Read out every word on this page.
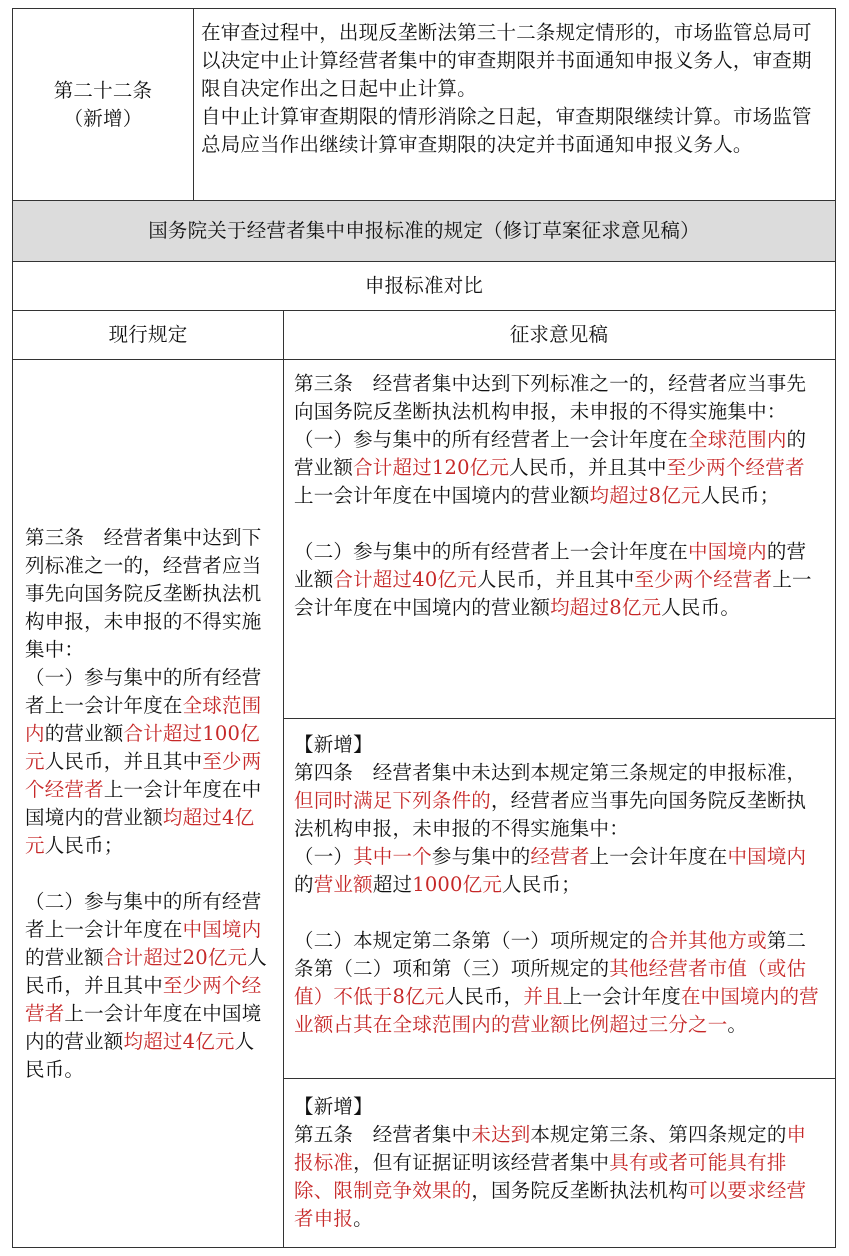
第二十二条
（新增）

在审查过程中，出现反垄断法第三十二条规定情形的，市场监管总局可以决定中止计算经营者集中的审查期限并书面通知申报义务人，审查期限自决定作出之日起中止计算。

自中止计算审查期限的情形消除之日起，审查期限继续计算。市场监管总局应当作出继续计算审查期限的决定并书面通知申报义务人。

国务院关于经营者集中申报标准的规定（修订草案征求意见稿）
申报标准对比
现行规定	征求意见稿

第三条　经营者集中达到下列标准之一的，经营者应当事先向国务院反垄断执法机构申报，未申报的不得实施集中：

（一）参与集中的所有经营者上一会计年度在全球范围内的营业额合计超过100亿元人民币，并且其中至少两个经营者上一会计年度在中国境内的营业额均超过4亿元人民币；

（二）参与集中的所有经营者上一会计年度在中国境内的营业额合计超过20亿元人民币，并且其中至少两个经营者上一会计年度在中国境内的营业额均超过4亿元人民币。

第三条　经营者集中达到下列标准之一的，经营者应当事先向国务院反垄断执法机构申报，未申报的不得实施集中：

（一）参与集中的所有经营者上一会计年度在全球范围内的营业额合计超过120亿元人民币，并且其中至少两个经营者上一会计年度在中国境内的营业额均超过8亿元人民币；

（二）参与集中的所有经营者上一会计年度在中国境内的营业额合计超过40亿元人民币，并且其中至少两个经营者上一会计年度在中国境内的营业额均超过8亿元人民币。

【新增】

第四条　经营者集中未达到本规定第三条规定的申报标准，但同时满足下列条件的，经营者应当事先向国务院反垄断执法机构申报，未申报的不得实施集中：

（一）其中一个参与集中的经营者上一会计年度在中国境内的营业额超过1000亿元人民币；

（二）本规定第二条第（一）项所规定的合并其他方或第二条第（二）项和第（三）项所规定的其他经营者市值（或估值）不低于8亿元人民币，并且上一会计年度在中国境内的营业额占其在全球范围内的营业额比例超过三分之一。

【新增】

第五条　经营者集中未达到本规定第三条、第四条规定的申报标准，但有证据证明该经营者集中具有或者可能具有排除、限制竞争效果的，国务院反垄断执法机构可以要求经营者申报。
